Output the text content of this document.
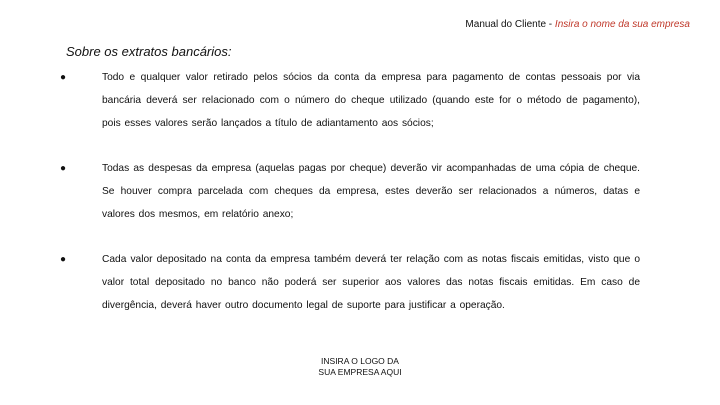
Manual do Cliente - Insira o nome da sua empresa
Sobre os extratos bancários:
●	Todo e qualquer valor retirado pelos sócios da conta da empresa para pagamento de contas pessoais por via bancária deverá ser relacionado com o número do cheque utilizado (quando este for o método de pagamento), pois esses valores serão lançados a título de adiantamento aos sócios;
●	Todas as despesas da empresa (aquelas pagas por cheque) deverão vir acompanhadas de uma cópia de cheque. Se houver compra parcelada com cheques da empresa, estes deverão ser relacionados a números, datas e valores dos mesmos, em relatório anexo;
●	Cada valor depositado na conta da empresa também deverá ter relação com as notas fiscais emitidas, visto que o valor total depositado no banco não poderá ser superior aos valores das notas fiscais emitidas. Em caso de divergência, deverá haver outro documento legal de suporte para justificar a operação.
INSIRA O LOGO DA
SUA EMPRESA AQUI
